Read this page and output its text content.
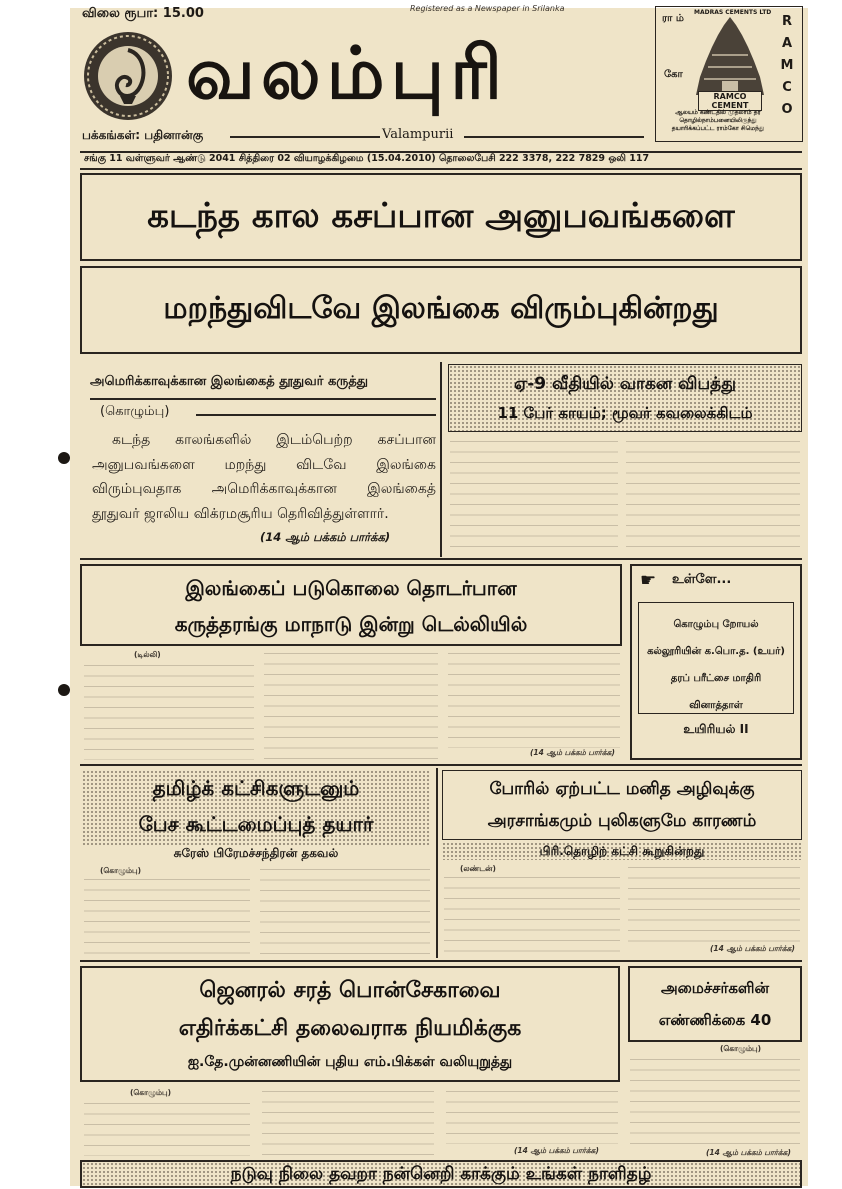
விலை ரூபா: 15.00	Registered as a Newspaper in Srilanka
வலம்புரி
பக்கங்கள்: பதினான்கு	Valampurii
ரா ம்
கோ
MADRAS CEMENTS LTD
RAMCO CEMENT
RAMCO
ஆலயம் கண்டதில் முதலாம் தர தொழில்நாம்பனையிலிருந்து தயாரிக்கப்பட்ட ராம்கோ சிமெந்து
சங்கு 11 வள்ளுவர் ஆண்டு 2041 சித்திரை 02 வியாழக்கிழமை (15.04.2010) தொலைபேசி 222 3378, 222 7829 ஒலி 117
கடந்த கால கசப்பான அனுபவங்களை
மறந்துவிடவே இலங்கை விரும்புகின்றது
அமெரிக்காவுக்கான இலங்கைத் தூதுவர் கருத்து
(கொழும்பு)
கடந்த காலங்களில் இடம்பெற்ற கசப்பான அனுபவங்களை மறந்து விடவே இலங்கை விரும்புவதாக அமெரிக்காவுக்கான இலங்கைத் தூதுவர் ஜாலிய விக்ரமசூரிய தெரிவித்துள்ளார்.
(14 ஆம் பக்கம் பார்க்க)
ஏ-9 வீதியில் வாகன விபத்து
11 பேர் காயம்; மூவர் கவலைக்கிடம்
இலங்கைப் படுகொலை தொடர்பான
கருத்தரங்கு மாநாடு இன்று டெல்லியில்
(டில்லி)
(14 ஆம் பக்கம் பார்க்க)
☛ உள்ளே...
கொழும்பு றோயல் கல்லூரியின் க.பொ.த. (உயர்) தரப் பரீட்சை மாதிரி வினாத்தாள்
உயிரியல் II
தமிழ்க் கட்சிகளுடனும்
பேச கூட்டமைப்புத் தயார்
சுரேஸ் பிரேமச்சந்திரன் தகவல்
(கொழும்பு)
போரில் ஏற்பட்ட மனித அழிவுக்கு
அரசாங்கமும் புலிகளுமே காரணம்
பிரி.தொழிற் கட்சி கூறுகின்றது
(லண்டன்)
(14 ஆம் பக்கம் பார்க்க)
ஜெனரல் சரத் பொன்சேகாவை
எதிர்க்கட்சி தலைவராக நியமிக்குக
ஐ.தே.முன்னணியின் புதிய எம்.பிக்கள் வலியுறுத்து
(கொழும்பு)
(14 ஆம் பக்கம் பார்க்க)
அமைச்சர்களின்
எண்ணிக்கை 40
(கொழும்பு)
(14 ஆம் பக்கம் பார்க்க)
நடுவு நிலை தவறா நன்னெறி காக்கும் உங்கள் நாளிதழ்
